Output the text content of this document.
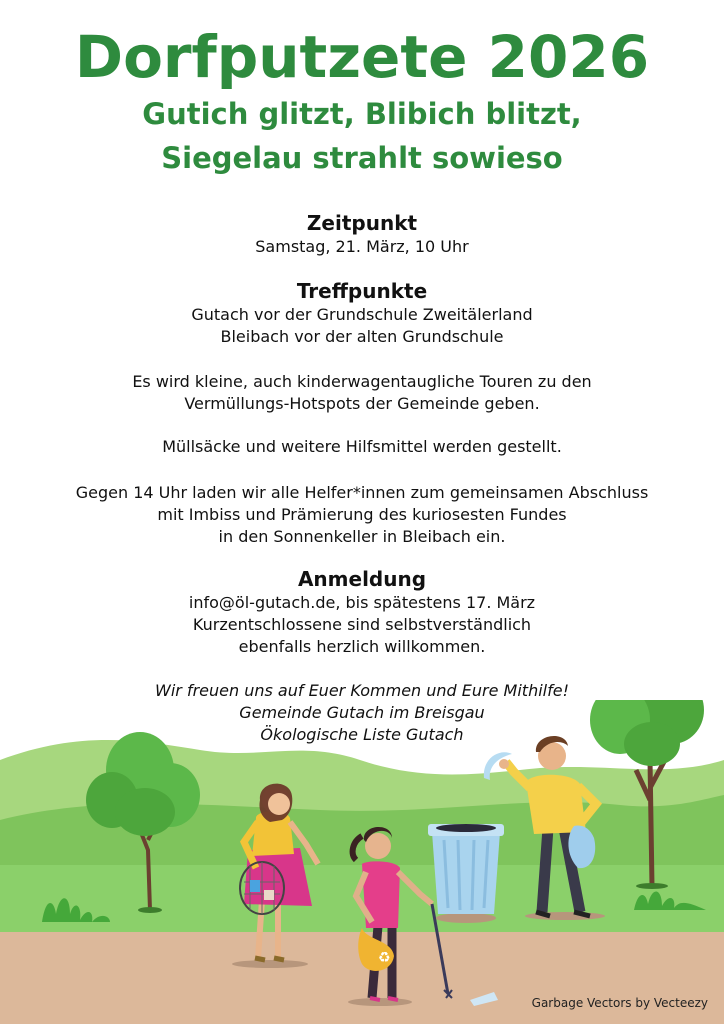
Dorfputzete 2026
Gutich glitzt, Blibich blitzt,
Siegelau strahlt sowieso
Zeitpunkt
Samstag, 21. März, 10 Uhr
Treffpunkte
Gutach vor der Grundschule Zweitälerland
Bleibach vor der alten Grundschule
Es wird kleine, auch kinderwagentaugliche Touren zu den
Vermüllungs-Hotspots der Gemeinde geben.
Müllsäcke und weitere Hilfsmittel werden gestellt.
Gegen 14 Uhr laden wir alle Helfer*innen zum gemeinsamen Abschluss
mit Imbiss und Prämierung des kuriosesten Fundes
in den Sonnenkeller in Bleibach ein.
Anmeldung
info@öl-gutach.de, bis spätestens 17. März
Kurzentschlossene sind selbstverständlich
ebenfalls herzlich willkommen.
Wir freuen uns auf Euer Kommen und Eure Mithilfe!
Gemeinde Gutach im Breisgau
Ökologische Liste Gutach
♻
Garbage Vectors by Vecteezy
